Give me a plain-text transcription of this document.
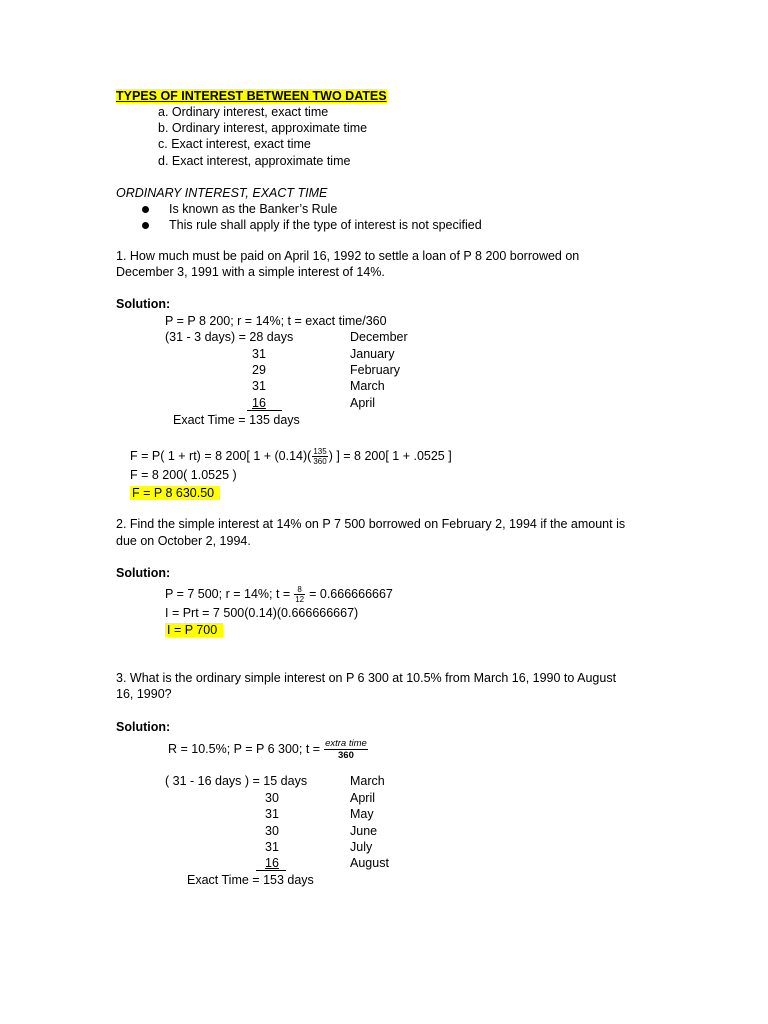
TYPES OF INTEREST BETWEEN TWO DATES
a. Ordinary interest, exact time
b. Ordinary interest, approximate time
c. Exact interest, exact time
d. Exact interest, approximate time
ORDINARY INTEREST, EXACT TIME
Is known as the Banker’s Rule
This rule shall apply if the type of interest is not specified
1. How much must be paid on April 16, 1992 to settle a loan of P 8 200 borrowed on
December 3, 1991 with a simple interest of 14%.
Solution:
P = P 8 200; r = 14%; t = exact time/360
(31 - 3 days) = 28 days	December
31	January
29	February
31	March
16	April
Exact Time = 135 days
F = P( 1 + rt) = 8 200[ $1 + (0.14)( \frac{135}{360}$ ) ] = 8 200[ 1 + .0525 ]
F = 8 200( 1.0525 )
F = P 8 630.50
2. Find the simple interest at 14% on P 7 500 borrowed on February 2, 1994 if the amount is
due on October 2, 1994.
Solution:
P = 7 500; r = 14%; $t = \frac{8}{12} = 0.666666667$
I = Prt = 7 500(0.14)(0.666666667)
I = P 700
3. What is the ordinary simple interest on P 6 300 at 10.5% from March 16, 1990 to August
16, 1990?
Solution:
R = 10.5%; P = P 6 300; $t = \frac{\text{extra time}}{360}$
( 31 - 16 days ) = 15 days	March
30	April
31	May
30	June
31	July
16	August
Exact Time = 153 days
